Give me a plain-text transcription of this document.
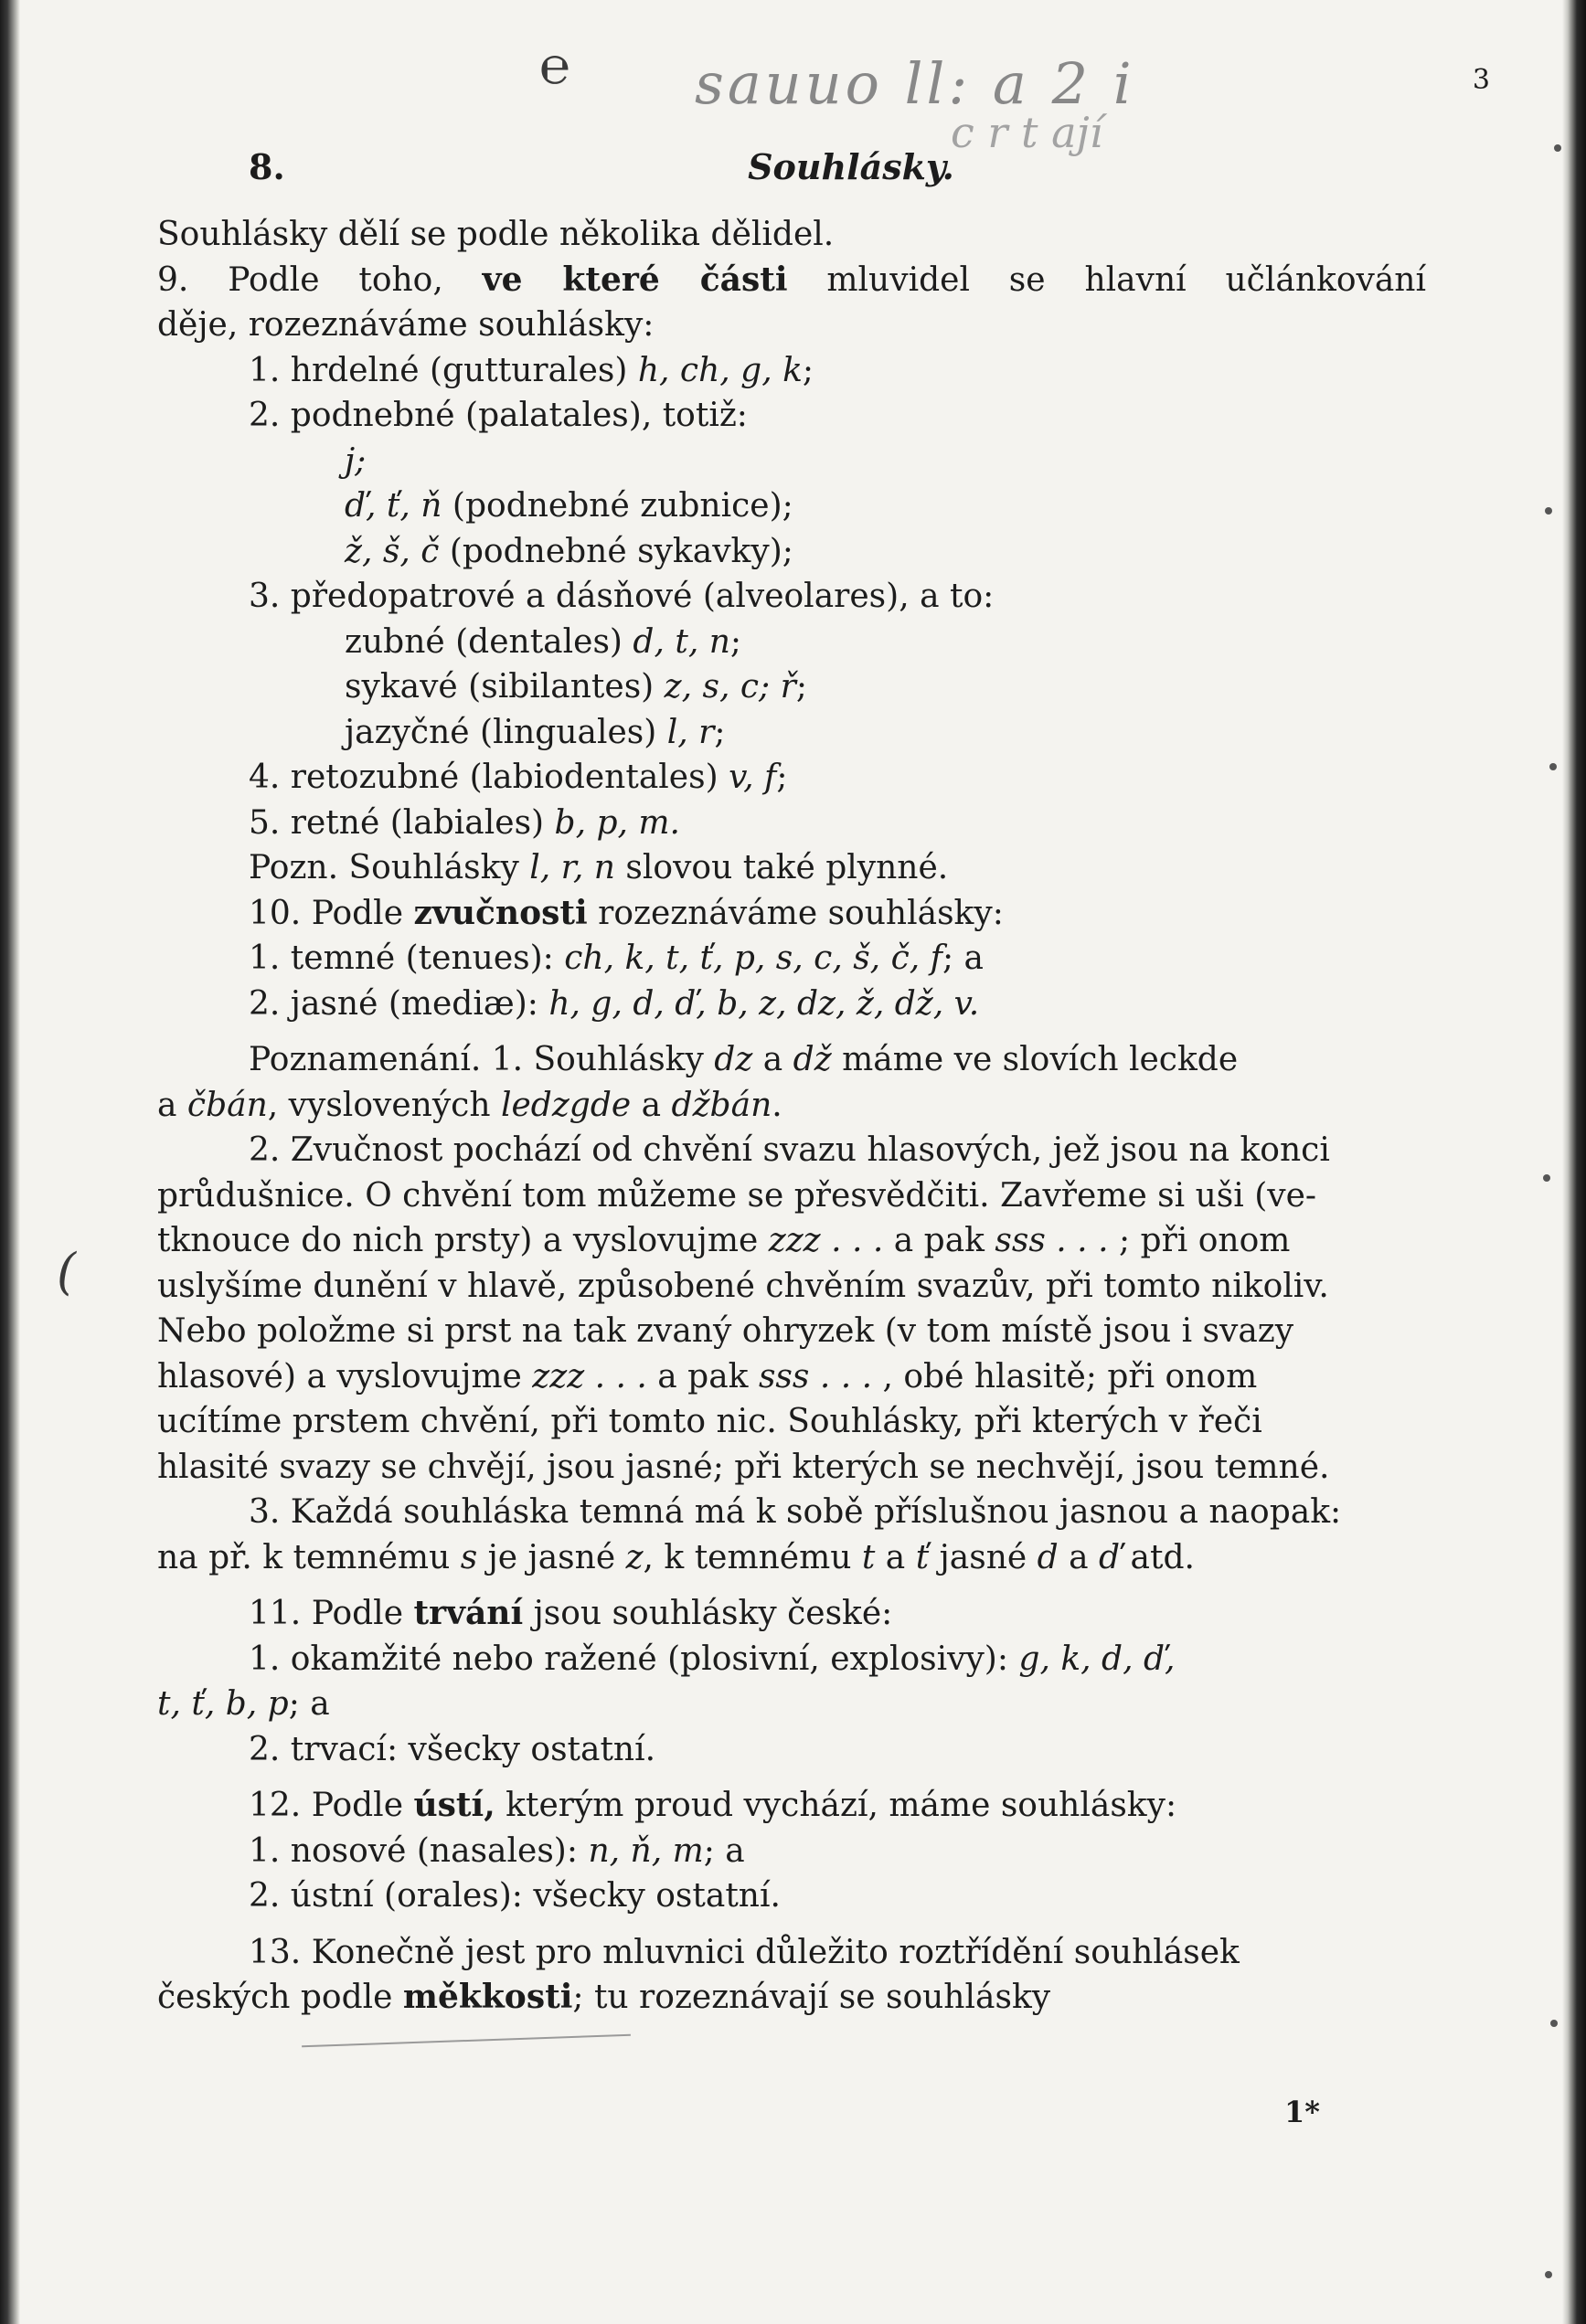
℮ sauuo ll: a 2 i
c r t ají
(
3
8.	Souhlásky.
Souhlásky dělí se podle několika dělidel.
9. Podle toho, ve které části mluvidel se hlavní učlánkování
děje, rozeznáváme souhlásky:
1. hrdelné (gutturales) h, ch, g, k;
2. podnebné (palatales), totiž:
j;
ď, ť, ň (podnebné zubnice);
ž, š, č (podnebné sykavky);
3. předopatrové a dásňové (alveolares), a to:
zubné (dentales) d, t, n;
sykavé (sibilantes) z, s, c; ř;
jazyčné (linguales) l, r;
4. retozubné (labiodentales) v, f;
5. retné (labiales) b, p, m.
Pozn. Souhlásky l, r, n slovou také plynné.
10. Podle zvučnosti rozeznáváme souhlásky:
1. temné (tenues): ch, k, t, ť, p, s, c, š, č, f; a
2. jasné (mediæ): h, g, d, ď, b, z, dz, ž, dž, v.
Poznamenání. 1. Souhlásky dz a dž máme ve slovích leckde
a čbán, vyslovených ledzgde a džbán.
2. Zvučnost pochází od chvění svazu hlasových, jež jsou na konci
průdušnice. O chvění tom můžeme se přesvědčiti. Zavřeme si uši (ve-
tknouce do nich prsty) a vyslovujme zzz . . . a pak sss . . . ; při onom
uslyšíme dunění v hlavě, způsobené chvěním svazův, při tomto nikoliv.
Nebo položme si prst na tak zvaný ohryzek (v tom místě jsou i svazy
hlasové) a vyslovujme zzz . . . a pak sss . . . , obé hlasitě; při onom
ucítíme prstem chvění, při tomto nic. Souhlásky, při kterých v řeči
hlasité svazy se chvějí, jsou jasné; při kterých se nechvějí, jsou temné.
3. Každá souhláska temná má k sobě příslušnou jasnou a naopak:
na př. k temnému s je jasné z, k temnému t a ť jasné d a ď atd.
11. Podle trvání jsou souhlásky české:
1. okamžité nebo ražené (plosivní, explosivy): g, k, d, ď,
t, ť, b, p; a
2. trvací: všecky ostatní.
12. Podle ústí, kterým proud vychází, máme souhlásky:
1. nosové (nasales): n, ň, m; a
2. ústní (orales): všecky ostatní.
13. Konečně jest pro mluvnici důležito roztřídění souhlásek
českých podle měkkosti; tu rozeznávají se souhlásky
1*
